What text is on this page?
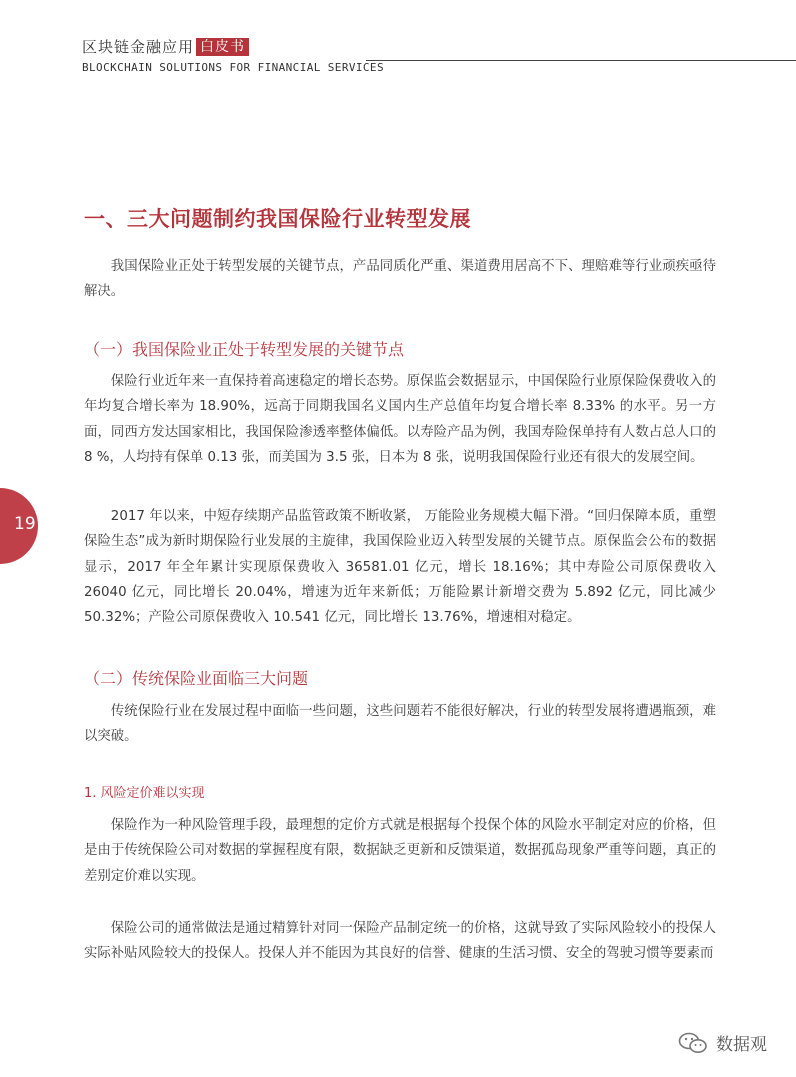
区块链金融应用 白皮书
BLOCKCHAIN SOLUTIONS FOR FINANCIAL SERVICES
19
一、三大问题制约我国保险行业转型发展

我国保险业正处于转型发展的关键节点，产品同质化严重、渠道费用居高不下、理赔难等行业顽疾亟待解决。

（一）我国保险业正处于转型发展的关键节点

保险行业近年来一直保持着高速稳定的增长态势。原保监会数据显示，中国保险行业原保险保费收入的年均复合增长率为 18.90%，远高于同期我国名义国内生产总值年均复合增长率 8.33% 的水平。另一方面，同西方发达国家相比，我国保险渗透率整体偏低。以寿险产品为例，我国寿险保单持有人数占总人口的 8 %，人均持有保单 0.13 张，而美国为 3.5 张，日本为 8 张，说明我国保险行业还有很大的发展空间。

2017 年以来，中短存续期产品监管政策不断收紧， 万能险业务规模大幅下滑。“回归保障本质，重塑保险生态”成为新时期保险行业发展的主旋律，我国保险业迈入转型发展的关键节点。原保监会公布的数据显示，2017 年全年累计实现原保费收入 36581.01 亿元，增长 18.16%；其中寿险公司原保费收入 26040 亿元，同比增长 20.04%，增速为近年来新低；万能险累计新增交费为 5.892 亿元，同比减少 50.32%；产险公司原保费收入 10.541 亿元，同比增长 13.76%，增速相对稳定。

（二）传统保险业面临三大问题

传统保险行业在发展过程中面临一些问题，这些问题若不能很好解决，行业的转型发展将遭遇瓶颈，难以突破。

1. 风险定价难以实现

保险作为一种风险管理手段，最理想的定价方式就是根据每个投保个体的风险水平制定对应的价格，但是由于传统保险公司对数据的掌握程度有限，数据缺乏更新和反馈渠道，数据孤岛现象严重等问题，真正的差别定价难以实现。

保险公司的通常做法是通过精算针对同一保险产品制定统一的价格，这就导致了实际风险较小的投保人实际补贴风险较大的投保人。投保人并不能因为其良好的信誉、健康的生活习惯、安全的驾驶习惯等要素而

数据观
